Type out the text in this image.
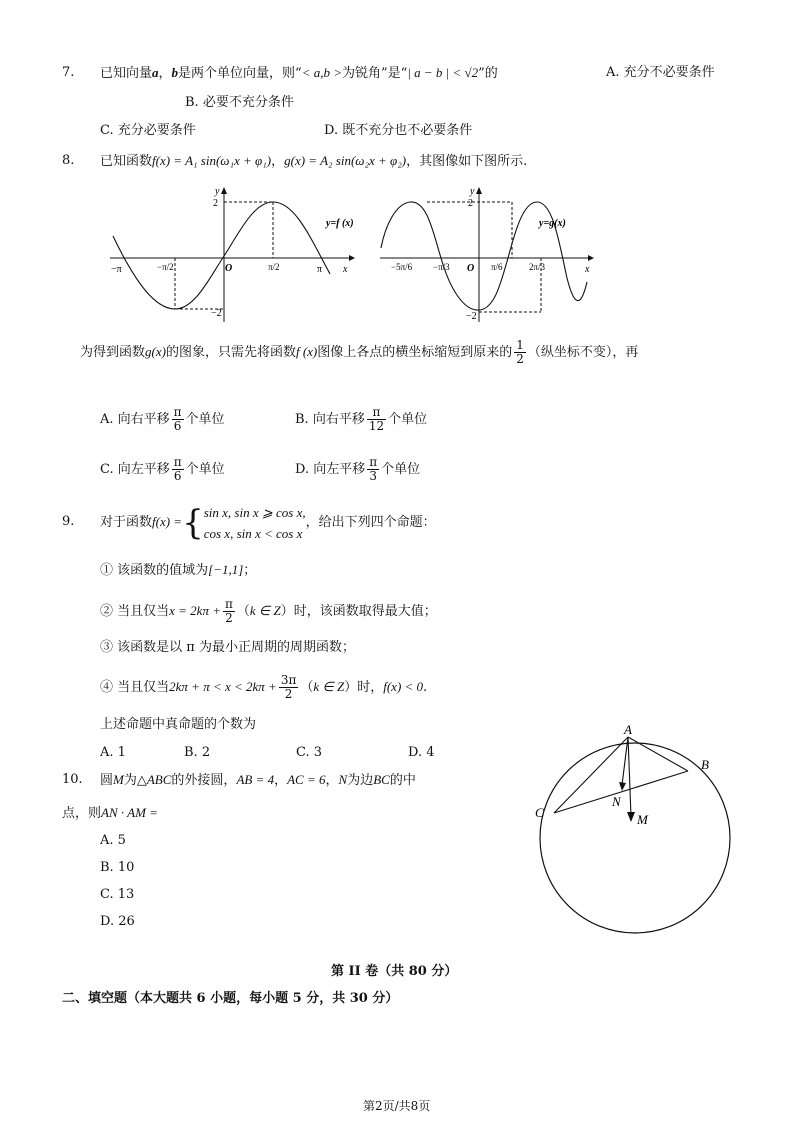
7. 已知向量a，b是两个单位向量，则“< a,b >为锐角”是“| a − b | < √2”的	A. 充分不必要条件
B. 必要不充分条件
C. 充分必要条件	D. 既不充分也不必要条件
8. 已知函数f(x) = A₁ sin(ω₁x + φ₁)，g(x) = A₂ sin(ω₂x + φ₂)，其图像如下图所示.
y=f (x)
y
x
2
−2
−π	−π/2	O	π/2	π
y=g(x)
y
x
2
−2
−5π/6 −π/3 O π/6	2π/3
为得到函数g(x)的图象，只需先将函数f (x)图像上各点的横坐标缩短到原来的 $\frac{1}{2}$ （纵坐标不变），再
A. 向右平移 $\frac{\pi}{6}$ 个单位	B. 向右平移 $\frac{\pi}{12}$ 个单位
C. 向左平移 $\frac{\pi}{6}$ 个单位	D. 向左平移 $\frac{\pi}{3}$ 个单位
9. 对于函数f(x) ={ sin x, sin x ⩾ cos x,
cos x, sin x < cos x
，给出下列四个命题：
① 该函数的值域为[−1,1]；
② 当且仅当$x = 2k\pi + \frac{\pi}{2} (k$ ∈ Z）时，该函数取得最大值；
③ 该函数是以 π 为最小正周期的周期函数；
④ 当且仅当$2k\pi + \pi < x < 2k\pi + \frac{3\pi}{2} (k$ ∈ Z）时，f(x) < 0.
上述命题中真命题的个数为
A. 1	B. 2	C. 3	D. 4
10. 圆M为△ABC的外接圆，AB = 4，AC = 6，N为边BC的中
点，则AN · AM =
A. 5
B. 10
C. 13
D. 26
A
B
C
N
M
第 II 卷（共 80 分）
二、填空题（本大题共 6 小题，每小题 5 分，共 30 分）
第2页/共8页
